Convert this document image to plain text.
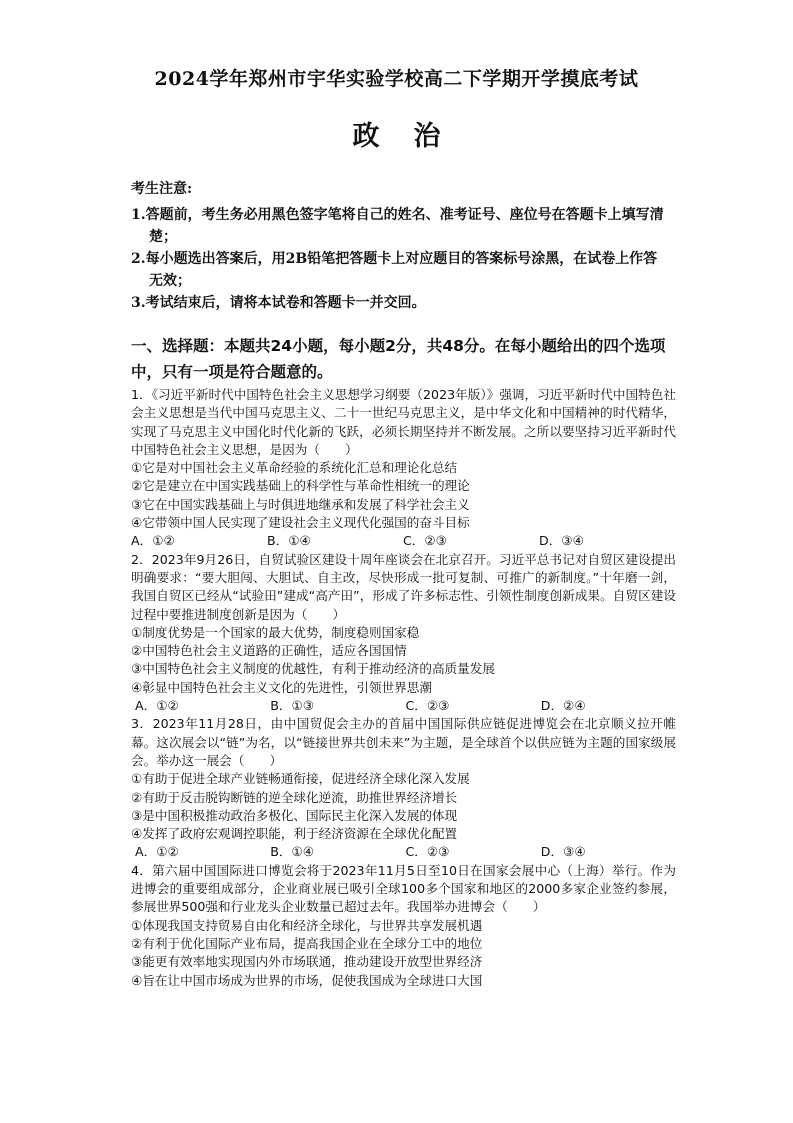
2024学年郑州市宇华实验学校高二下学期开学摸底考试
政治
考生注意:
1.答题前，考生务必用黑色签字笔将自己的姓名、准考证号、座位号在答题卡上填写清楚；
2.每小题选出答案后，用2B铅笔把答题卡上对应题目的答案标号涂黑，在试卷上作答无效；
3.考试结束后，请将本试卷和答题卡一并交回。
一、选择题：本题共24小题，每小题2分，共48分。在每小题给出的四个选项中，只有一项是符合题意的。
1．《习近平新时代中国特色社会主义思想学习纲要（2023年版）》强调，习近平新时代中国特色社会主义思想是当代中国马克思主义、二十一世纪马克思主义，是中华文化和中国精神的时代精华，实现了马克思主义中国化时代化新的飞跃，必须长期坚持并不断发展。之所以要坚持习近平新时代中国特色社会主义思想，是因为（　　）
①它是对中国社会主义革命经验的系统化汇总和理论化总结
②它是建立在中国实践基础上的科学性与革命性相统一的理论
③它在中国实践基础上与时俱进地继承和发展了科学社会主义
④它带领中国人民实现了建设社会主义现代化强国的奋斗目标
A．①②	B．①④	C．②③	D．③④
2．2023年9月26日，自贸试验区建设十周年座谈会在北京召开。习近平总书记对自贸区建设提出明确要求：“要大胆闯、大胆试、自主改，尽快形成一批可复制、可推广的新制度。”十年磨一剑，我国自贸区已经从“试验田”建成“高产田”，形成了许多标志性、引领性制度创新成果。自贸区建设过程中要推进制度创新是因为（　　）
①制度优势是一个国家的最大优势，制度稳则国家稳
②中国特色社会主义道路的正确性，适应各国国情
③中国特色社会主义制度的优越性，有利于推动经济的高质量发展
④彰显中国特色社会主义文化的先进性，引领世界思潮
A．①②	B．①③	C．②③	D．②④
3．2023年11月28日，由中国贸促会主办的首届中国国际供应链促进博览会在北京顺义拉开帷幕。这次展会以“链”为名，以“链接世界共创未来”为主题，是全球首个以供应链为主题的国家级展会。举办这一展会（　　）
①有助于促进全球产业链畅通衔接，促进经济全球化深入发展
②有助于反击脱钩断链的逆全球化逆流，助推世界经济增长
③是中国积极推动政治多极化、国际民主化深入发展的体现
④发挥了政府宏观调控职能，利于经济资源在全球优化配置
A．①②	B．①④	C．②③	D．③④
4．第六届中国国际进口博览会将于2023年11月5日至10日在国家会展中心（上海）举行。作为进博会的重要组成部分，企业商业展已吸引全球100多个国家和地区的2000多家企业签约参展，参展世界500强和行业龙头企业数量已超过去年。我国举办进博会（　　）
①体现我国支持贸易自由化和经济全球化，与世界共享发展机遇
②有利于优化国际产业布局，提高我国企业在全球分工中的地位
③能更有效率地实现国内外市场联通，推动建设开放型世界经济
④旨在让中国市场成为世界的市场，促使我国成为全球进口大国
